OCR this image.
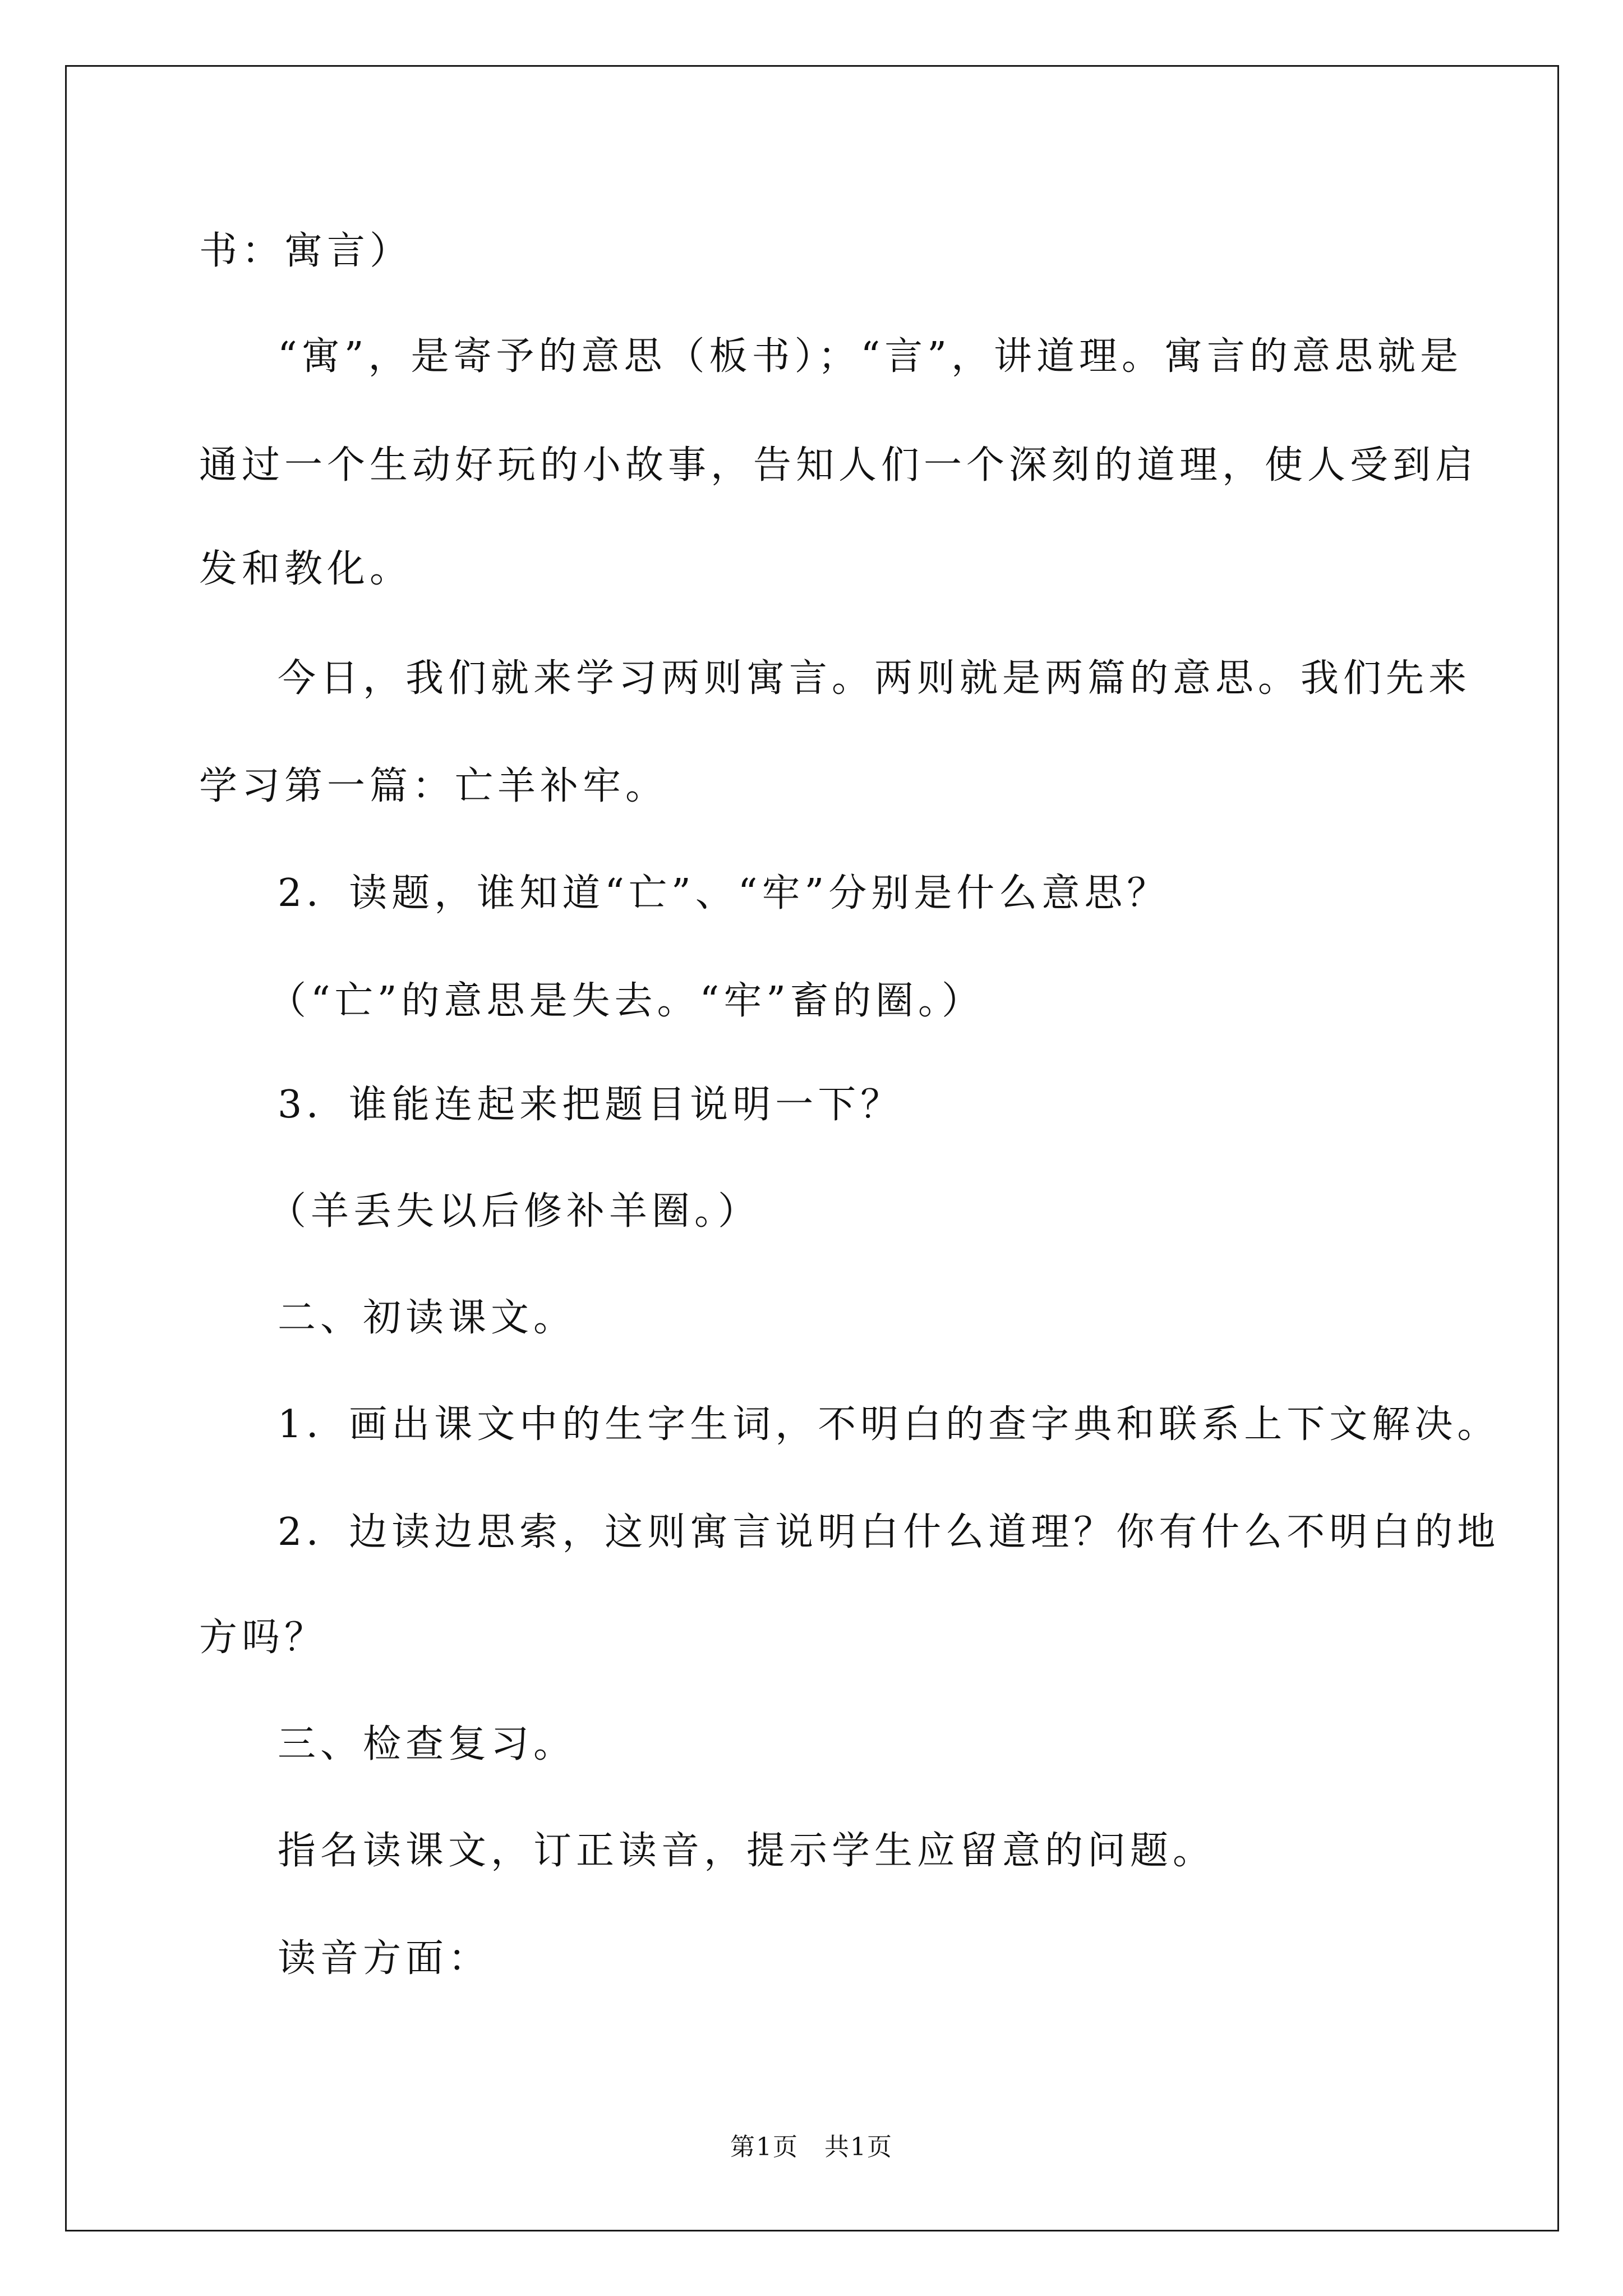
书：寓言）
“寓”，是寄予的意思（板书）；“言”，讲道理。寓言的意思就是
通过一个生动好玩的小故事，告知人们一个深刻的道理，使人受到启
发和教化。
今日，我们就来学习两则寓言。两则就是两篇的意思。我们先来
学习第一篇：亡羊补牢。
2．读题，谁知道“亡”、“牢”分别是什么意思？
（“亡”的意思是失去。“牢”畜的圈。）
3．谁能连起来把题目说明一下？
（羊丢失以后修补羊圈。）
二、初读课文。
1．画出课文中的生字生词，不明白的查字典和联系上下文解决。
2．边读边思索，这则寓言说明白什么道理？你有什么不明白的地
方吗？
三、检查复习。
指名读课文，订正读音，提示学生应留意的问题。
读音方面：
第1页　共1页
